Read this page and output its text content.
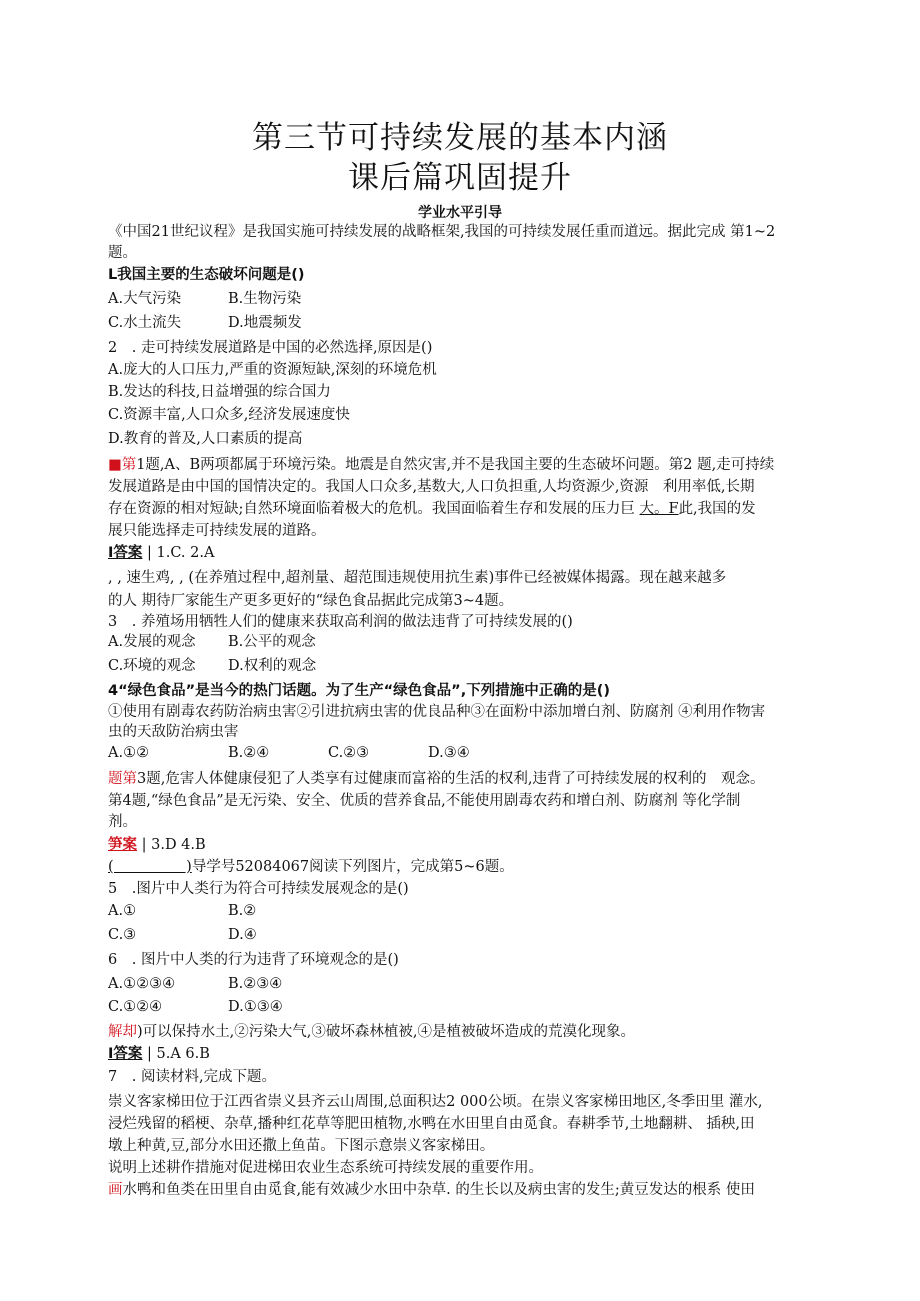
第三节可持续发展的基本内涵
课后篇巩固提升
学业水平引导
《中国21世纪议程》是我国实施可持续发展的战略框架,我国的可持续发展任重而道远。据此完成 第1~2
题。
L我国主要的生态破坏问题是()
A.大气污染	B.生物污染
C.水土流失	D.地震频发
2　. 走可持续发展道路是中国的必然选择,原因是()
A.庞大的人口压力,严重的资源短缺,深刻的环境危机
B.发达的科技,日益增强的综合国力
C.资源丰富,人口众多,经济发展速度快
D.教育的普及,人口素质的提高
■第1题,A、B两项都属于环境污染。地震是自然灾害,并不是我国主要的生态破坏问题。第2 题,走可持续
发展道路是由中国的国情决定的。我国人口众多,基数大,人口负担重,人均资源少,资源　利用率低,长期
存在资源的相对短缺;自然环境面临着极大的危机。我国面临着生存和发展的压力巨 大。F此,我国的发
展只能选择走可持续发展的道路。
I答案 | 1.C. 2.A
, , 速生鸡, , (在养殖过程中,超剂量、超范围违规使用抗生素)事件已经被媒体揭露。现在越来越多
的人 期待厂家能生产更多更好的“绿色食品据此完成第3~4题。
3　. 养殖场用牺牲人们的健康来获取高利润的做法违背了可持续发展的()
A.发展的观念 B.公平的观念
C.环境的观念 D.权利的观念
4“绿色食品”是当今的热门话题。为了生产“绿色食品”,下列措施中正确的是()
①使用有剧毒农药防治病虫害②引进抗病虫害的优良品种③在面粉中添加增白剂、防腐剂 ④利用作物害
虫的天敌防治病虫害
A.①②	B.②④	C.②③	D.③④
题第3题,危害人体健康侵犯了人类享有过健康而富裕的生活的权利,违背了可持续发展的权利的　观念。
第4题,“绿色食品”是无污染、安全、优质的营养食品,不能使用剧毒农药和增白剂、防腐剂 等化学制
剂。
笋案 | 3.D 4.B
(　　　　　)导学号52084067阅读下列图片，完成第5~6题。
5　.图片中人类行为符合可持续发展观念的是()
A.①	B.②
C.③	D.④
6　. 图片中人类的行为违背了环境观念的是()
A.①②③④	B.②③④
C.①②④	D.①③④
解却)可以保持水土,②污染大气,③破坏森林植被,④是植被破坏造成的荒漠化现象。
I答案 | 5.A 6.B
7　. 阅读材料,完成下题。
崇义客家梯田位于江西省崇义县齐云山周围,总面积达2 000公顷。在崇义客家梯田地区,冬季田里 灌水,
浸烂残留的稻梗、杂草,播种红花草等肥田植物,水鸭在水田里自由觅食。春耕季节,土地翻耕、 插秧,田
墩上种黄,豆,部分水田还撒上鱼苗。下图示意崇义客家梯田。
说明上述耕作措施对促进梯田农业生态系统可持续发展的重要作用。
画水鸭和鱼类在田里自由觅食,能有效减少水田中杂草. 的生长以及病虫害的发生;黄豆发达的根系 使田
